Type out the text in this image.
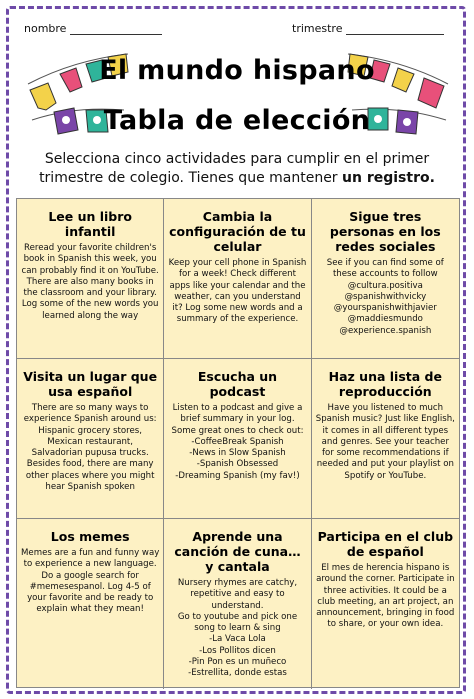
nombre	trimestre
El mundo hispano
Tabla de elección
Selecciona cinco actividades para cumplir en el primer trimestre de colegio. Tienes que mantener un registro.
Lee un libro infantil
Reread your favorite children's book in Spanish this week, you can probably find it on YouTube. There are also many books in the classroom and your library. Log some of the new words you learned along the way
Cambia la configuración de tu celular
Keep your cell phone in Spanish for a week! Check different apps like your calendar and the weather, can you understand it? Log some new words and a summary of the experience.
Sigue tres personas en los redes sociales
See if you can find some of these accounts to follow
@cultura.positiva
@spanishwithvicky
@yourspanishwithjavier
@maddiesmundo
@experience.spanish
Visita un lugar que usa español
There are so many ways to experience Spanish around us: Hispanic grocery stores, Mexican restaurant, Salvadorian pupusa trucks. Besides food, there are many other places where you might hear Spanish spoken
Escucha un podcast
Listen to a podcast and give a brief summary in your log. Some great ones to check out:
-CoffeeBreak Spanish
-News in Slow Spanish
-Spanish Obsessed
-Dreaming Spanish (my fav!)
Haz una lista de reproducción
Have you listened to much Spanish music? Just like English, it comes in all different types and genres. See your teacher for some recommendations if needed and put your playlist on Spotify or YouTube.
Los memes
Memes are a fun and funny way to experience a new language. Do a google search for #memesespanol. Log 4-5 of your favorite and be ready to explain what they mean!
Aprende una canción de cuna… y cantala
Nursery rhymes are catchy, repetitive and easy to understand.
Go to youtube and pick one song to learn & sing
-La Vaca Lola
-Los Pollitos dicen
-Pin Pon es un muñeco
-Estrellita, donde estas
Participa en el club de español
El mes de herencia hispano is around the corner. Participate in three activities. It could be a club meeting, an art project, an announcement, bringing in food to share, or your own idea.
